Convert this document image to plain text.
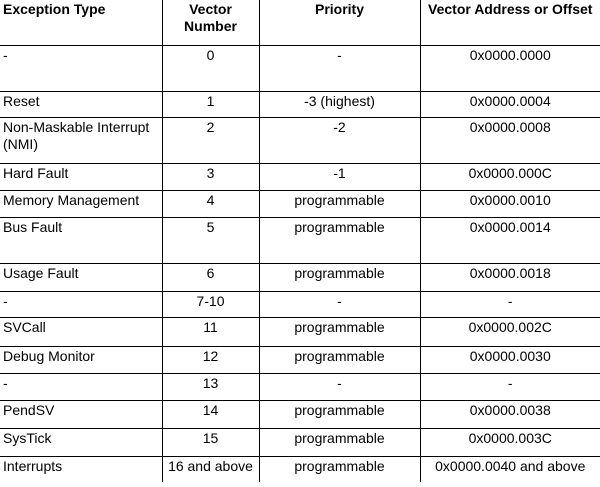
Exception Type	Vector Number	Priority	Vector Address or Offset
-	0	-	0x0000.0000
Reset	1	-3 (highest)	0x0000.0004
Non-Maskable Interrupt (NMI)	2	-2	0x0000.0008
Hard Fault	3	-1	0x0000.000C
Memory Management	4	programmable	0x0000.0010
Bus Fault	5	programmable	0x0000.0014
Usage Fault	6	programmable	0x0000.0018
-	7-10	-	-
SVCall	11	programmable	0x0000.002C
Debug Monitor	12	programmable	0x0000.0030
-	13	-	-
PendSV	14	programmable	0x0000.0038
SysTick	15	programmable	0x0000.003C
Interrupts	16 and above	programmable	0x0000.0040 and above
